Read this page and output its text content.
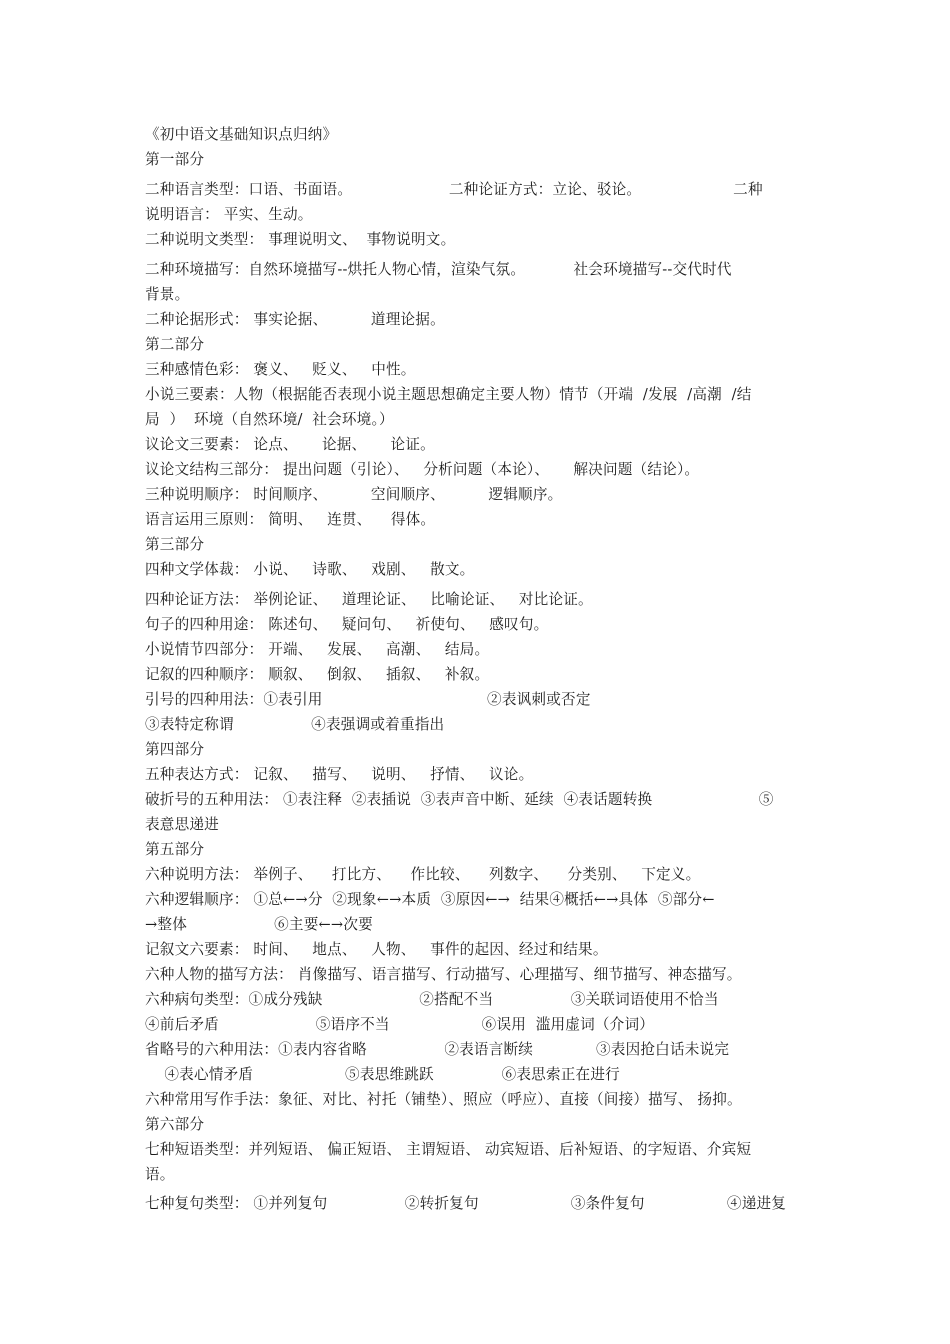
《初中语文基础知识点归纳》
第一部分
二种语言类型：口语、书面语。                    二种论证方式：立论、驳论。                   二种
说明语言： 平实、生动。
二种说明文类型： 事理说明文、  事物说明文。
二种环境描写：自然环境描写--烘托人物心情，渲染气氛。          社会环境描写--交代时代
背景。
二种论据形式： 事实论据、         道理论据。
第二部分
三种感情色彩： 褒义、   贬义、   中性。
小说三要素：人物（根据能否表现小说主题思想确定主要人物）情节（开端  /发展  /高潮  /结
局  ）  环境（自然环境/  社会环境。）
议论文三要素： 论点、     论据、     论证。
议论文结构三部分： 提出问题（引论）、   分析问题（本论）、     解决问题（结论）。
三种说明顺序： 时间顺序、         空间顺序、         逻辑顺序。
语言运用三原则： 简明、   连贯、    得体。
第三部分
四种文学体裁： 小说、   诗歌、   戏剧、   散文。
四种论证方法： 举例论证、   道理论证、   比喻论证、   对比论证。
句子的四种用途： 陈述句、   疑问句、   祈使句、   感叹句。
小说情节四部分： 开端、   发展、   高潮、   结局。
记叙的四种顺序： 顺叙、   倒叙、   插叙、   补叙。
引号的四种用法：①表引用                                  ②表讽刺或否定
③表特定称谓                ④表强调或着重指出
第四部分
五种表达方式： 记叙、   描写、   说明、   抒情、   议论。
破折号的五种用法： ①表注释  ②表插说  ③表声音中断、延续  ④表话题转换                      ⑤
表意思递进
第五部分
六种说明方法： 举例子、    打比方、    作比较、    列数字、    分类别、   下定义。
六种逻辑顺序： ①总←→分  ②现象←→本质  ③原因←→  结果④概括←→具体  ⑤部分←
→整体                  ⑥主要←→次要
记叙文六要素： 时间、   地点、   人物、   事件的起因、经过和结果。
六种人物的描写方法： 肖像描写、语言描写、行动描写、心理描写、细节描写、神态描写。
六种病句类型：①成分残缺                    ②搭配不当                ③关联词语使用不恰当
④前后矛盾                    ⑤语序不当                   ⑥误用  滥用虚词（介词）
省略号的六种用法：①表内容省略                ②表语言断续             ③表因抢白话未说完
④表心情矛盾                   ⑤表思维跳跃              ⑥表思索正在进行
六种常用写作手法：象征、对比、衬托（铺垫）、照应（呼应）、直接（间接）描写、 扬抑。
第六部分
七种短语类型：并列短语、 偏正短语、 主谓短语、 动宾短语、后补短语、的字短语、介宾短
语。
七种复句类型： ①并列复句                ②转折复句                   ③条件复句                 ④递进复
